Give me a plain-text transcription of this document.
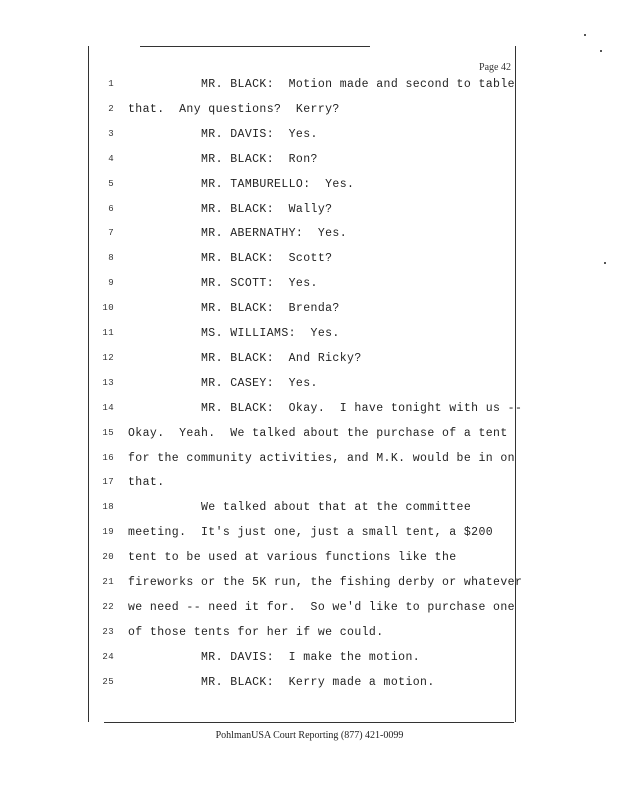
Page 42
1 MR. BLACK:  Motion made and second to table
2 that.  Any questions?  Kerry?
3 MR. DAVIS:  Yes.
4 MR. BLACK:  Ron?
5 MR. TAMBURELLO:  Yes.
6 MR. BLACK:  Wally?
7 MR. ABERNATHY:  Yes.
8 MR. BLACK:  Scott?
9 MR. SCOTT:  Yes.
10 MR. BLACK:  Brenda?
11 MS. WILLIAMS:  Yes.
12 MR. BLACK:  And Ricky?
13 MR. CASEY:  Yes.
14 MR. BLACK:  Okay.  I have tonight with us --
15 Okay.  Yeah.  We talked about the purchase of a tent
16 for the community activities, and M.K. would be in on
17 that.
18 We talked about that at the committee
19 meeting.  It's just one, just a small tent, a $200
20 tent to be used at various functions like the
21 fireworks or the 5K run, the fishing derby or whatever
22 we need -- need it for.  So we'd like to purchase one
23 of those tents for her if we could.
24 MR. DAVIS:  I make the motion.
25 MR. BLACK:  Kerry made a motion.
PohlmanUSA Court Reporting (877) 421-0099
